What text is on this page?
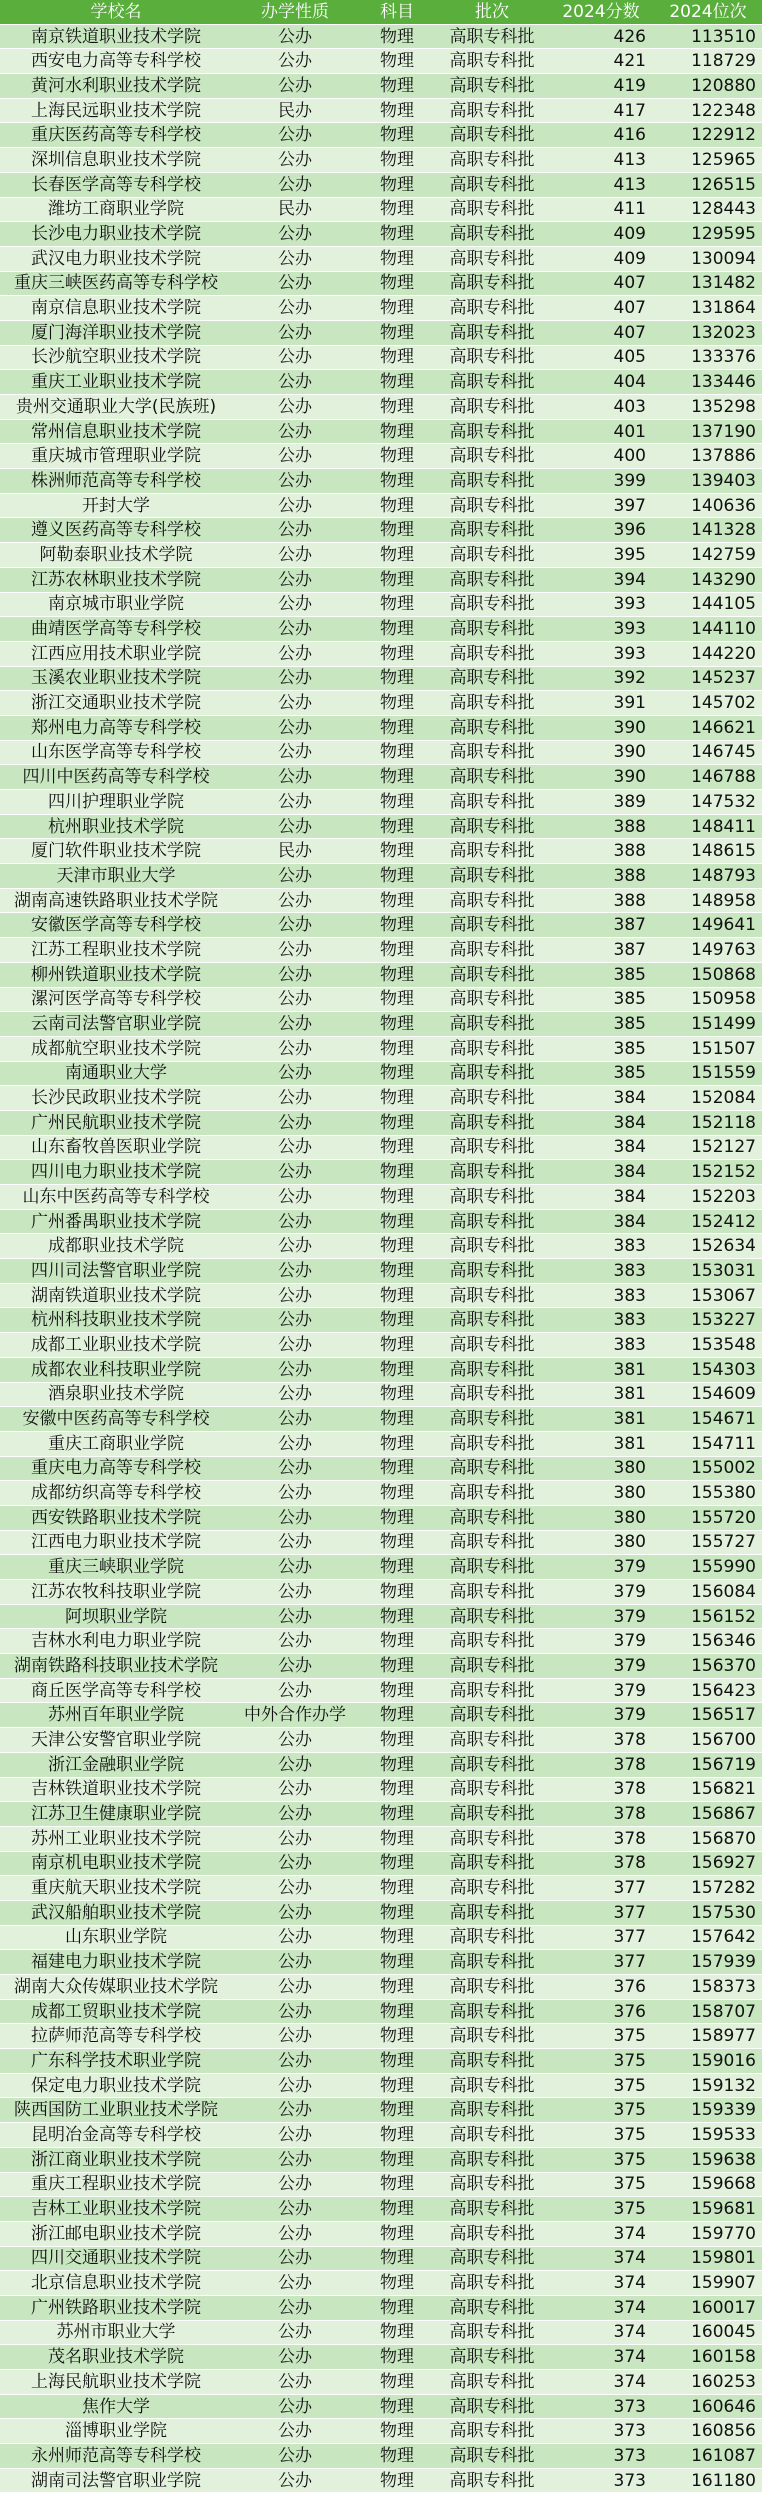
学校名	办学性质	科目	批次	2024分数	2024位次
南京铁道职业技术学院	公办	物理	高职专科批	426	113510
西安电力高等专科学校	公办	物理	高职专科批	421	118729
黄河水利职业技术学院	公办	物理	高职专科批	419	120880
上海民远职业技术学院	民办	物理	高职专科批	417	122348
重庆医药高等专科学校	公办	物理	高职专科批	416	122912
深圳信息职业技术学院	公办	物理	高职专科批	413	125965
长春医学高等专科学校	公办	物理	高职专科批	413	126515
潍坊工商职业学院	民办	物理	高职专科批	411	128443
长沙电力职业技术学院	公办	物理	高职专科批	409	129595
武汉电力职业技术学院	公办	物理	高职专科批	409	130094
重庆三峡医药高等专科学校	公办	物理	高职专科批	407	131482
南京信息职业技术学院	公办	物理	高职专科批	407	131864
厦门海洋职业技术学院	公办	物理	高职专科批	407	132023
长沙航空职业技术学院	公办	物理	高职专科批	405	133376
重庆工业职业技术学院	公办	物理	高职专科批	404	133446
贵州交通职业大学(民族班)	公办	物理	高职专科批	403	135298
常州信息职业技术学院	公办	物理	高职专科批	401	137190
重庆城市管理职业学院	公办	物理	高职专科批	400	137886
株洲师范高等专科学校	公办	物理	高职专科批	399	139403
开封大学	公办	物理	高职专科批	397	140636
遵义医药高等专科学校	公办	物理	高职专科批	396	141328
阿勒泰职业技术学院	公办	物理	高职专科批	395	142759
江苏农林职业技术学院	公办	物理	高职专科批	394	143290
南京城市职业学院	公办	物理	高职专科批	393	144105
曲靖医学高等专科学校	公办	物理	高职专科批	393	144110
江西应用技术职业学院	公办	物理	高职专科批	393	144220
玉溪农业职业技术学院	公办	物理	高职专科批	392	145237
浙江交通职业技术学院	公办	物理	高职专科批	391	145702
郑州电力高等专科学校	公办	物理	高职专科批	390	146621
山东医学高等专科学校	公办	物理	高职专科批	390	146745
四川中医药高等专科学校	公办	物理	高职专科批	390	146788
四川护理职业学院	公办	物理	高职专科批	389	147532
杭州职业技术学院	公办	物理	高职专科批	388	148411
厦门软件职业技术学院	民办	物理	高职专科批	388	148615
天津市职业大学	公办	物理	高职专科批	388	148793
湖南高速铁路职业技术学院	公办	物理	高职专科批	388	148958
安徽医学高等专科学校	公办	物理	高职专科批	387	149641
江苏工程职业技术学院	公办	物理	高职专科批	387	149763
柳州铁道职业技术学院	公办	物理	高职专科批	385	150868
漯河医学高等专科学校	公办	物理	高职专科批	385	150958
云南司法警官职业学院	公办	物理	高职专科批	385	151499
成都航空职业技术学院	公办	物理	高职专科批	385	151507
南通职业大学	公办	物理	高职专科批	385	151559
长沙民政职业技术学院	公办	物理	高职专科批	384	152084
广州民航职业技术学院	公办	物理	高职专科批	384	152118
山东畜牧兽医职业学院	公办	物理	高职专科批	384	152127
四川电力职业技术学院	公办	物理	高职专科批	384	152152
山东中医药高等专科学校	公办	物理	高职专科批	384	152203
广州番禺职业技术学院	公办	物理	高职专科批	384	152412
成都职业技术学院	公办	物理	高职专科批	383	152634
四川司法警官职业学院	公办	物理	高职专科批	383	153031
湖南铁道职业技术学院	公办	物理	高职专科批	383	153067
杭州科技职业技术学院	公办	物理	高职专科批	383	153227
成都工业职业技术学院	公办	物理	高职专科批	383	153548
成都农业科技职业学院	公办	物理	高职专科批	381	154303
酒泉职业技术学院	公办	物理	高职专科批	381	154609
安徽中医药高等专科学校	公办	物理	高职专科批	381	154671
重庆工商职业学院	公办	物理	高职专科批	381	154711
重庆电力高等专科学校	公办	物理	高职专科批	380	155002
成都纺织高等专科学校	公办	物理	高职专科批	380	155380
西安铁路职业技术学院	公办	物理	高职专科批	380	155720
江西电力职业技术学院	公办	物理	高职专科批	380	155727
重庆三峡职业学院	公办	物理	高职专科批	379	155990
江苏农牧科技职业学院	公办	物理	高职专科批	379	156084
阿坝职业学院	公办	物理	高职专科批	379	156152
吉林水利电力职业学院	公办	物理	高职专科批	379	156346
湖南铁路科技职业技术学院	公办	物理	高职专科批	379	156370
商丘医学高等专科学校	公办	物理	高职专科批	379	156423
苏州百年职业学院	中外合作办学	物理	高职专科批	379	156517
天津公安警官职业学院	公办	物理	高职专科批	378	156700
浙江金融职业学院	公办	物理	高职专科批	378	156719
吉林铁道职业技术学院	公办	物理	高职专科批	378	156821
江苏卫生健康职业学院	公办	物理	高职专科批	378	156867
苏州工业职业技术学院	公办	物理	高职专科批	378	156870
南京机电职业技术学院	公办	物理	高职专科批	378	156927
重庆航天职业技术学院	公办	物理	高职专科批	377	157282
武汉船舶职业技术学院	公办	物理	高职专科批	377	157530
山东职业学院	公办	物理	高职专科批	377	157642
福建电力职业技术学院	公办	物理	高职专科批	377	157939
湖南大众传媒职业技术学院	公办	物理	高职专科批	376	158373
成都工贸职业技术学院	公办	物理	高职专科批	376	158707
拉萨师范高等专科学校	公办	物理	高职专科批	375	158977
广东科学技术职业学院	公办	物理	高职专科批	375	159016
保定电力职业技术学院	公办	物理	高职专科批	375	159132
陕西国防工业职业技术学院	公办	物理	高职专科批	375	159339
昆明冶金高等专科学校	公办	物理	高职专科批	375	159533
浙江商业职业技术学院	公办	物理	高职专科批	375	159638
重庆工程职业技术学院	公办	物理	高职专科批	375	159668
吉林工业职业技术学院	公办	物理	高职专科批	375	159681
浙江邮电职业技术学院	公办	物理	高职专科批	374	159770
四川交通职业技术学院	公办	物理	高职专科批	374	159801
北京信息职业技术学院	公办	物理	高职专科批	374	159907
广州铁路职业技术学院	公办	物理	高职专科批	374	160017
苏州市职业大学	公办	物理	高职专科批	374	160045
茂名职业技术学院	公办	物理	高职专科批	374	160158
上海民航职业技术学院	公办	物理	高职专科批	374	160253
焦作大学	公办	物理	高职专科批	373	160646
淄博职业学院	公办	物理	高职专科批	373	160856
永州师范高等专科学校	公办	物理	高职专科批	373	161087
湖南司法警官职业学院	公办	物理	高职专科批	373	161180
